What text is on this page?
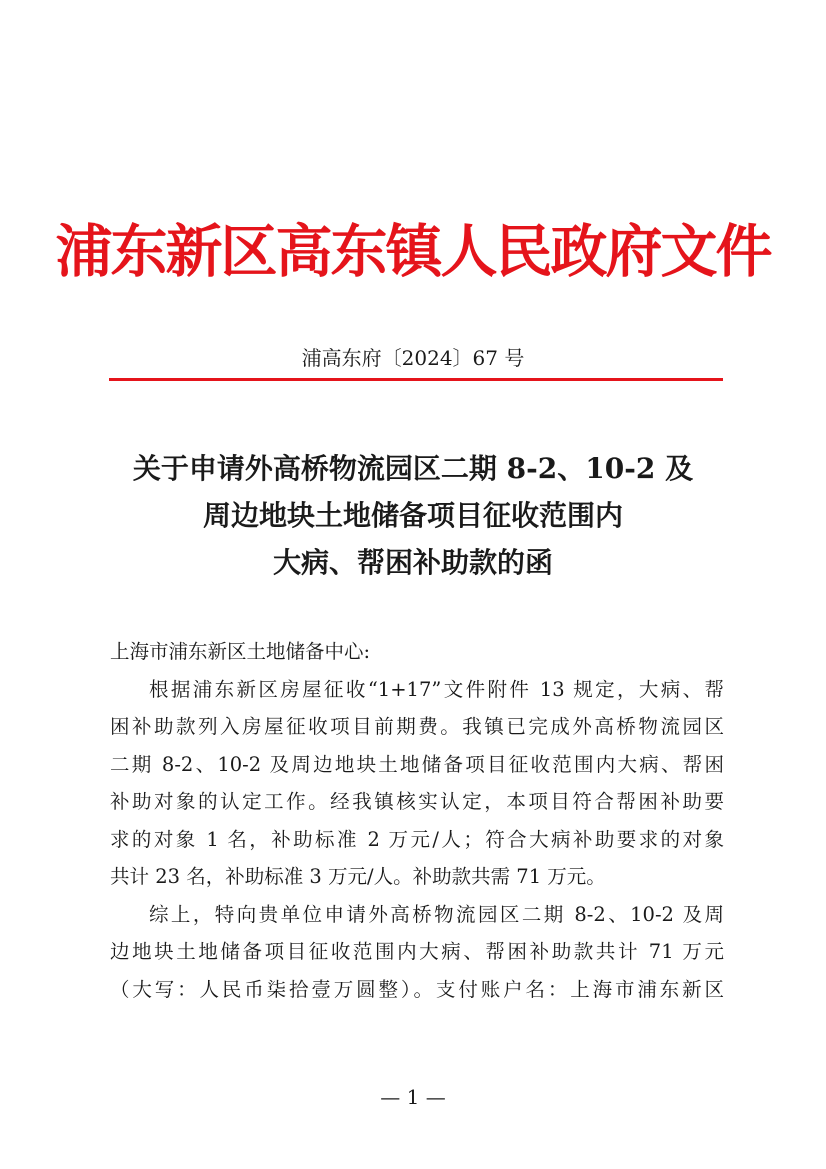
浦东新区高东镇人民政府文件
浦高东府〔2024〕67 号
关于申请外高桥物流园区二期 8-2、10-2 及
周边地块土地储备项目征收范围内
大病、帮困补助款的函
上海市浦东新区土地储备中心:
根据浦东新区房屋征收“1+17”文件附件 13 规定，大病、帮
困补助款列入房屋征收项目前期费。我镇已完成外高桥物流园区
二期 8-2、10-2 及周边地块土地储备项目征收范围内大病、帮困
补助对象的认定工作。经我镇核实认定，本项目符合帮困补助要
求的对象 1 名，补助标准 2 万元/人；符合大病补助要求的对象
共计 23 名，补助标准 3 万元/人。补助款共需 71 万元。
综上，特向贵单位申请外高桥物流园区二期 8-2、10-2 及周
边地块土地储备项目征收范围内大病、帮困补助款共计 71 万元
（大写：人民币柒拾壹万圆整）。支付账户名：上海市浦东新区
— 1 —
